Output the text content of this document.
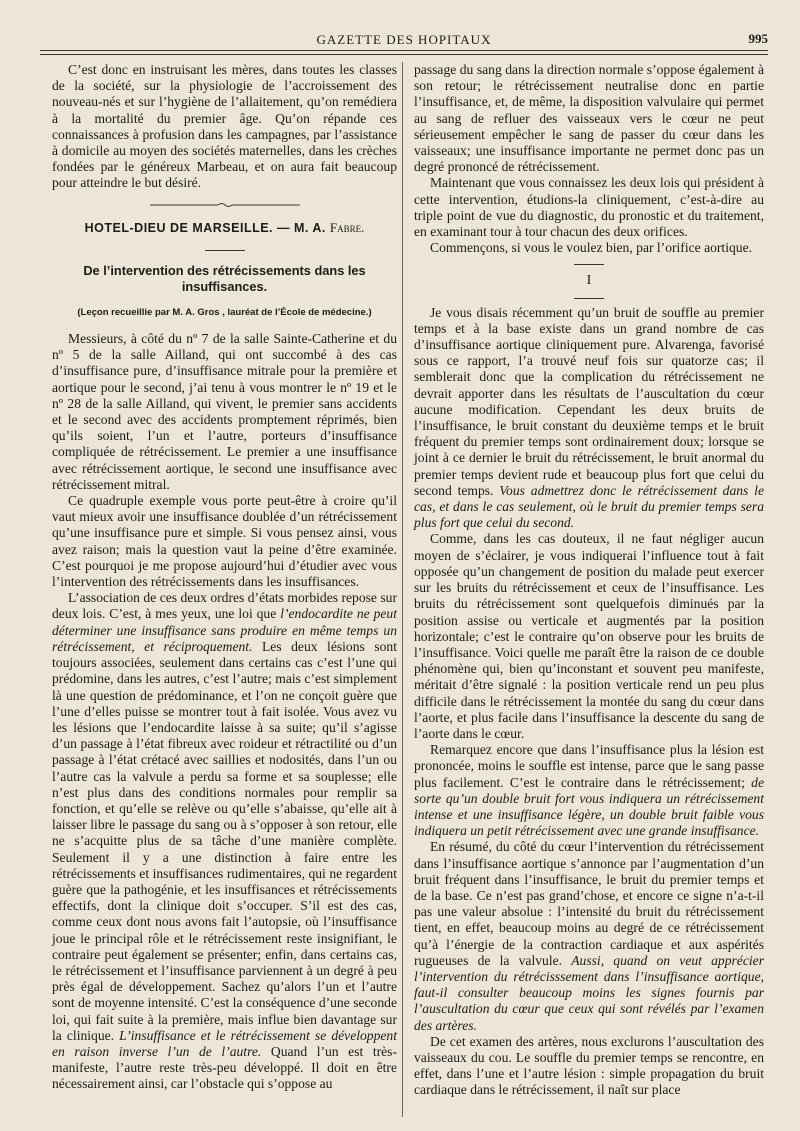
GAZETTE DES HOPITAUX	995

C’est donc en instruisant les mères, dans toutes les classes de la société, sur la physiologie de l’accroissement des nouveau-nés et sur l’hygiène de l’allaitement, qu’on remédiera à la mortalité du premier âge. Qu’on répande ces connaissances à profusion dans les campagnes, par l’assistance à domicile au moyen des sociétés maternelles, dans les crèches fondées par le généreux Marbeau, et on aura fait beaucoup pour atteindre le but désiré.

HOTEL-DIEU DE MARSEILLE. — M. A. Fabre.
De l’intervention des rétrécissements dans les insuffisances.
(Leçon recueillie par M. A. Gros , lauréat de l’École de médecine.)

Messieurs, à côté du nº 7 de la salle Sainte-Catherine et du nº 5 de la salle Ailland, qui ont succombé à des cas d’insuffisance pure, d’insuffisance mitrale pour la première et aortique pour le second, j’ai tenu à vous montrer le nº 19 et le nº 28 de la salle Ailland, qui vivent, le premier sans accidents et le second avec des accidents promptement réprimés, bien qu’ils soient, l’un et l’autre, porteurs d’insuffisance compliquée de rétrécissement. Le premier a une insuffisance avec rétrécissement aortique, le second une insuffisance avec rétrécissement mitral.

Ce quadruple exemple vous porte peut-être à croire qu’il vaut mieux avoir une insuffisance doublée d’un rétrécissement qu’une insuffisance pure et simple. Si vous pensez ainsi, vous avez raison; mais la question vaut la peine d’être examinée. C’est pourquoi je me propose aujourd’hui d’étudier avec vous l’intervention des rétrécissements dans les insuffisances.

L’association de ces deux ordres d’états morbides repose sur deux lois. C’est, à mes yeux, une loi que l’endocardite ne peut déterminer une insuffisance sans produire en même temps un rétrécissement, et réciproquement. Les deux lésions sont toujours associées, seulement dans certains cas c’est l’une qui prédomine, dans les autres, c’est l’autre; mais c’est simplement là une question de prédominance, et l’on ne conçoit guère que l’une d’elles puisse se montrer tout à fait isolée. Vous avez vu les lésions que l’endocardite laisse à sa suite; qu’il s’agisse d’un passage à l’état fibreux avec roideur et rétractilité ou d’un passage à l’état crétacé avec saillies et nodosités, dans l’un ou l’autre cas la valvule a perdu sa forme et sa souplesse; elle n’est plus dans des conditions normales pour remplir sa fonction, et qu’elle se relève ou qu’elle s’abaisse, qu’elle ait à laisser libre le passage du sang ou à s’opposer à son retour, elle ne s’acquitte plus de sa tâche d’une manière complète. Seulement il y a une distinction à faire entre les rétrécissements et insuffisances rudimentaires, qui ne regardent guère que la pathogénie, et les insuffisances et rétrécissements effectifs, dont la clinique doit s’occuper. S’il est des cas, comme ceux dont nous avons fait l’autopsie, où l’insuffisance joue le principal rôle et le rétrécissement reste insignifiant, le contraire peut également se présenter; enfin, dans certains cas, le rétrécissement et l’insuffisance parviennent à un degré à peu près égal de développement. Sachez qu’alors l’un et l’autre sont de moyenne intensité. C’est la conséquence d’une seconde loi, qui fait suite à la première, mais influe bien davantage sur la clinique. L’insuffisance et le rétrécissement se développent en raison inverse l’un de l’autre. Quand l’un est très-manifeste, l’autre reste très-peu développé. Il doit en être nécessairement ainsi, car l’obstacle qui s’oppose au

passage du sang dans la direction normale s’oppose également à son retour; le rétrécissement neutralise donc en partie l’insuffisance, et, de même, la disposition valvulaire qui permet au sang de refluer des vaisseaux vers le cœur ne peut sérieusement empêcher le sang de passer du cœur dans les vaisseaux; une insuffisance importante ne permet donc pas un degré prononcé de rétrécissement.

Maintenant que vous connaissez les deux lois qui président à cette intervention, étudions-la cliniquement, c’est-à-dire au triple point de vue du diagnostic, du pronostic et du traitement, en examinant tour à tour chacun des deux orifices.

Commençons, si vous le voulez bien, par l’orifice aortique.

I

Je vous disais récemment qu’un bruit de souffle au premier temps et à la base existe dans un grand nombre de cas d’insuffisance aortique cliniquement pure. Alvarenga, favorisé sous ce rapport, l’a trouvé neuf fois sur quatorze cas; il semblerait donc que la complication du rétrécissement ne devrait apporter dans les résultats de l’auscultation du cœur aucune modification. Cependant les deux bruits de l’insuffisance, le bruit constant du deuxième temps et le bruit fréquent du premier temps sont ordinairement doux; lorsque se joint à ce dernier le bruit du rétrécissement, le bruit anormal du premier temps devient rude et beaucoup plus fort que celui du second temps. Vous admettrez donc le rétrécissement dans le cas, et dans le cas seulement, où le bruit du premier temps sera plus fort que celui du second.

Comme, dans les cas douteux, il ne faut négliger aucun moyen de s’éclairer, je vous indiquerai l’influence tout à fait opposée qu’un changement de position du malade peut exercer sur les bruits du rétrécissement et ceux de l’insuffisance. Les bruits du rétrécissement sont quelquefois diminués par la position assise ou verticale et augmentés par la position horizontale; c’est le contraire qu’on observe pour les bruits de l’insuffisance. Voici quelle me paraît être la raison de ce double phénomène qui, bien qu’inconstant et souvent peu manifeste, méritait d’être signalé : la position verticale rend un peu plus difficile dans le rétrécissement la montée du sang du cœur dans l’aorte, et plus facile dans l’insuffisance la descente du sang de l’aorte dans le cœur.

Remarquez encore que dans l’insuffisance plus la lésion est prononcée, moins le souffle est intense, parce que le sang passe plus facilement. C’est le contraire dans le rétrécissement; de sorte qu’un double bruit fort vous indiquera un rétrécissement intense et une insuffisance légère, un double bruit faible vous indiquera un petit rétrécissement avec une grande insuffisance.

En résumé, du côté du cœur l’intervention du rétrécissement dans l’insuffisance aortique s’annonce par l’augmentation d’un bruit fréquent dans l’insuffisance, le bruit du premier temps et de la base. Ce n’est pas grand’chose, et encore ce signe n’a-t-il pas une valeur absolue : l’intensité du bruit du rétrécissement tient, en effet, beaucoup moins au degré de ce rétrécissement qu’à l’énergie de la contraction cardiaque et aux aspérités rugueuses de la valvule. Aussi, quand on veut apprécier l’intervention du rétrécisssement dans l’insuffisance aortique, faut-il consulter beaucoup moins les signes fournis par l’auscultation du cœur que ceux qui sont révélés par l’examen des artères.

De cet examen des artères, nous exclurons l’auscultation des vaisseaux du cou. Le souffle du premier temps se rencontre, en effet, dans l’une et l’autre lésion : simple propagation du bruit cardiaque dans le rétrécissement, il naît sur place
